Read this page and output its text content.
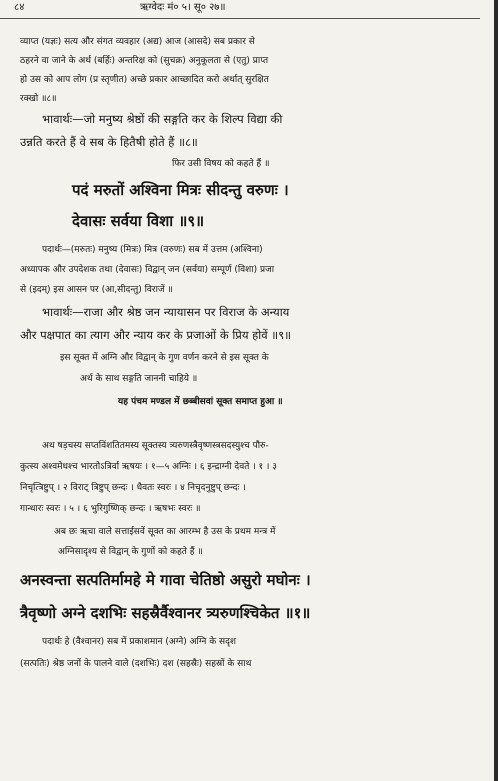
८४	ऋग्वेदः मं० ५। सू० २७॥
व्याप्त (यज्ञः) सत्य और संगत व्यवहार (अद्य) आज (आसदे) सब प्रकार से
ठहरने वा जाने के अर्थ (बर्हिः) अन्तरिक्ष को (सुचक्र) अनुकूलता से (एतु) प्राप्त
हो उस को आप लोग (प्र स्तृणीत) अच्छे प्रकार आच्छादित करो अर्थात् सुरक्षित
रक्खो ॥८॥
भावार्थः—जो मनुष्य श्रेष्ठों की सङ्गति कर के शिल्प विद्या की
उन्नति करते हैं वे सब के हितैषी होते हैं ॥८॥
फिर उसी विषय को कहते हैं ॥
पदं मरुतों अश्विना मित्रः सीदन्तु वरुणः ।
देवासः सर्वया विशा ॥९॥
पदार्थः—(मरुतः) मनुष्य (मित्रः) मित्र (वरुणः) सब में उत्तम (अश्विना)
अध्यापक और उपदेशक तथा (देवासः) विद्वान् जन (सर्वया) सम्पूर्ण (विशा) प्रजा
से (इदम्) इस आसन पर (आ,सीदन्तु) विराजें ॥
भावार्थः—राजा और श्रेष्ठ जन न्यायासन पर विराज के अन्याय
और पक्षपात का त्याग और न्याय कर के प्रजाओं के प्रिय होवें ॥९॥
इस सूक्त में अग्नि और विद्वान् के गुण वर्णन करने से इस सूक्त के
अर्थ के साथ सङ्गति जाननी चाहिये ॥
यह पंचम मण्डल में छब्बीसवां सूक्त समाप्त हुआ ॥
अथ षड़चस्य सप्तविंशतितमस्य सूक्तस्य त्र्यरुणस्त्रैवृष्णस्त्रसदस्युश्च पौरु-
कुत्स्य अश्वमेधश्च भारतोऽत्रिर्वा ऋषयः । १—५ अग्निः । ६ इन्द्राग्नी देवते । १ । ३
निचृत्त्रिष्टुप् । २ विराट् त्रिष्टुप् छन्दः । धैवतः स्वरः । ४ निचृदनुष्टुप् छन्दः ।
गान्धारः स्वरः । ५ । ६ भुरिगुष्णिक् छन्दः । ऋषभः स्वरः ॥
अब छः ऋचा वाले सत्ताईसवें सूक्त का आरम्भ है उस के प्रथम मन्त्र में
अग्निसादृश्य से विद्वान् के गुणों को कहते हैं ॥
अनस्वन्ता सत्पतिर्मामहे मे गावा चेतिष्ठो असुरो मघोनः ।
त्रैवृष्णो अग्ने दशभिः सहस्रैर्वैश्वानर त्र्यरुणश्चिकेत ॥१॥
पदार्थः हे (वैश्वानर) सब में प्रकाशमान (अग्ने) अग्नि के सदृश
(सत्पतिः) श्रेष्ठ जनों के पालने वाले (दशभिः) दश (सहस्रैः) सहस्रों के साथ
